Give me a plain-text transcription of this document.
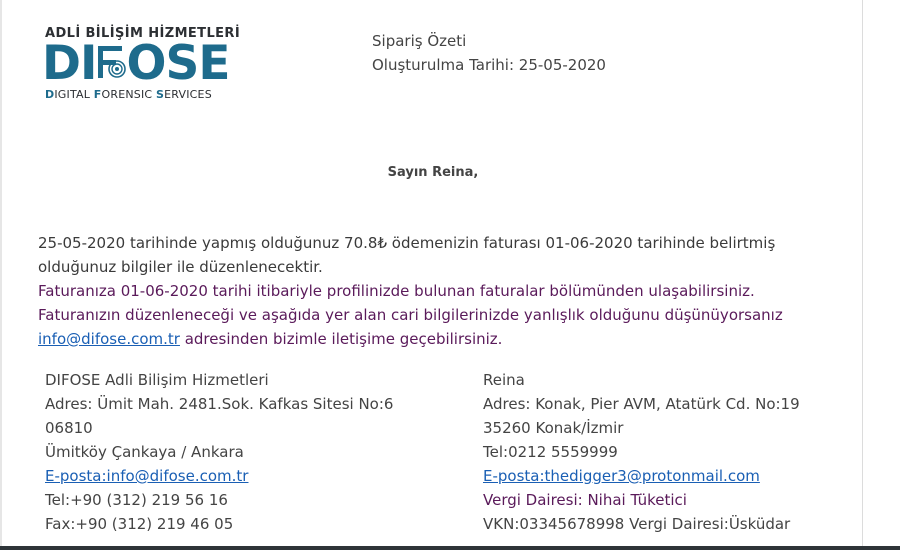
ADLİ BİLİŞİM HİZMETLERİ
DI OSE
DIGITAL FORENSIC SERVICES
Sipariş Özeti
Oluşturulma Tarihi: 25-05-2020
Sayın Reina,
25-05-2020 tarihinde yapmış olduğunuz 70.8₺ ödemenizin faturası 01-06-2020 tarihinde belirtmiş olduğunuz bilgiler ile düzenlenecektir.
Faturanıza 01-06-2020 tarihi itibariyle profilinizde bulunan faturalar bölümünden ulaşabilirsiniz.
Faturanızın düzenleneceği ve aşağıda yer alan cari bilgilerinizde yanlışlık olduğunu düşünüyorsanız info@difose.com.tr adresinden bizimle iletişime geçebilirsiniz.
DIFOSE Adli Bilişim Hizmetleri
Adres: Ümit Mah. 2481.Sok. Kafkas Sitesi No:6
06810
Ümitköy Çankaya / Ankara
E-posta:info@difose.com.tr
Tel:+90 (312) 219 56 16
Fax:+90 (312) 219 46 05
Reina
Adres: Konak, Pier AVM, Atatürk Cd. No:19
35260 Konak/İzmir
Tel:0212 5559999
E-posta:thedigger3@protonmail.com
Vergi Dairesi: Nihai Tüketici
VKN:03345678998 Vergi Dairesi:Üsküdar
